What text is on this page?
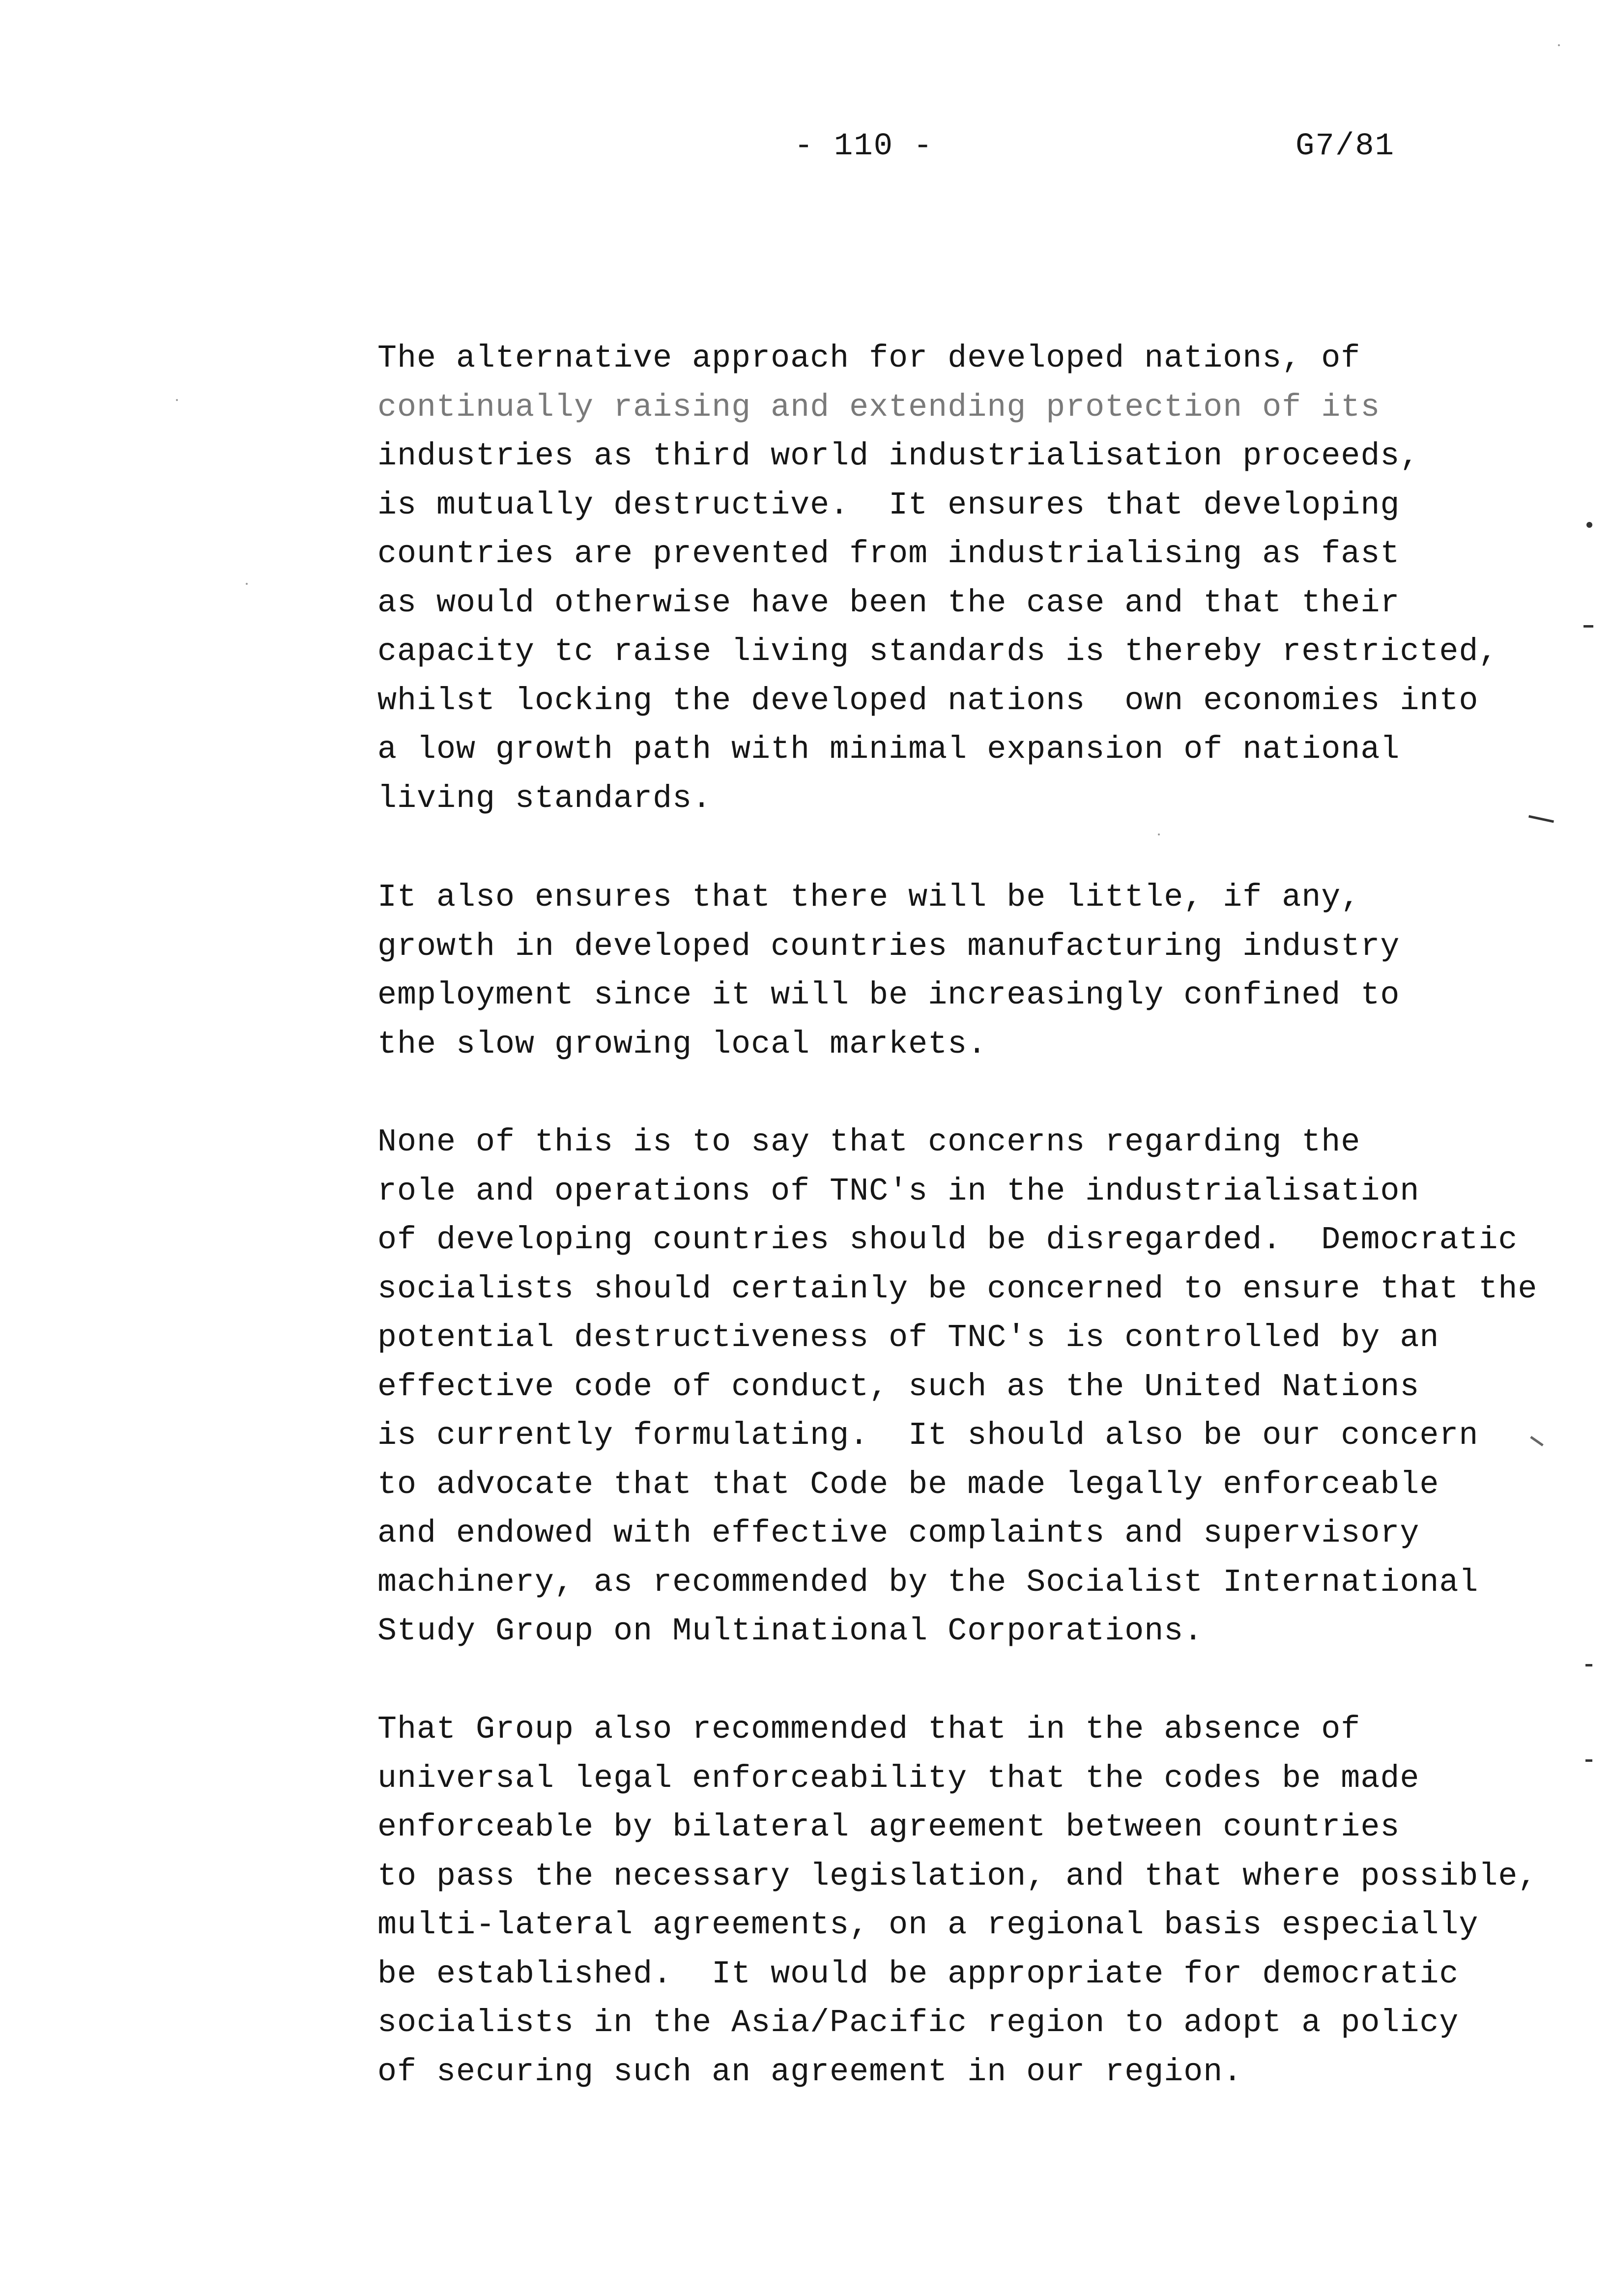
- 110 -	G7/81
The alternative approach for developed nations, of
continually raising and extending protection of its
industries as third world industrialisation proceeds,
is mutually destructive.  It ensures that developing
countries are prevented from industrialising as fast
as would otherwise have been the case and that their
capacity tc raise living standards is thereby restricted,
whilst locking the developed nations  own economies into
a low growth path with minimal expansion of national
living standards.
It also ensures that there will be little, if any,
growth in developed countries manufacturing industry
employment since it will be increasingly confined to
the slow growing local markets.
None of this is to say that concerns regarding the
role and operations of TNC's in the industrialisation
of developing countries should be disregarded.  Democratic
socialists should certainly be concerned to ensure that the
potential destructiveness of TNC's is controlled by an
effective code of conduct, such as the United Nations
is currently formulating.  It should also be our concern
to advocate that that Code be made legally enforceable
and endowed with effective complaints and supervisory
machinery, as recommended by the Socialist International
Study Group on Multinational Corporations.
That Group also recommended that in the absence of
universal legal enforceability that the codes be made
enforceable by bilateral agreement between countries
to pass the necessary legislation, and that where possible,
multi-lateral agreements, on a regional basis especially
be established.  It would be appropriate for democratic
socialists in the Asia/Pacific region to adopt a policy
of securing such an agreement in our region.
